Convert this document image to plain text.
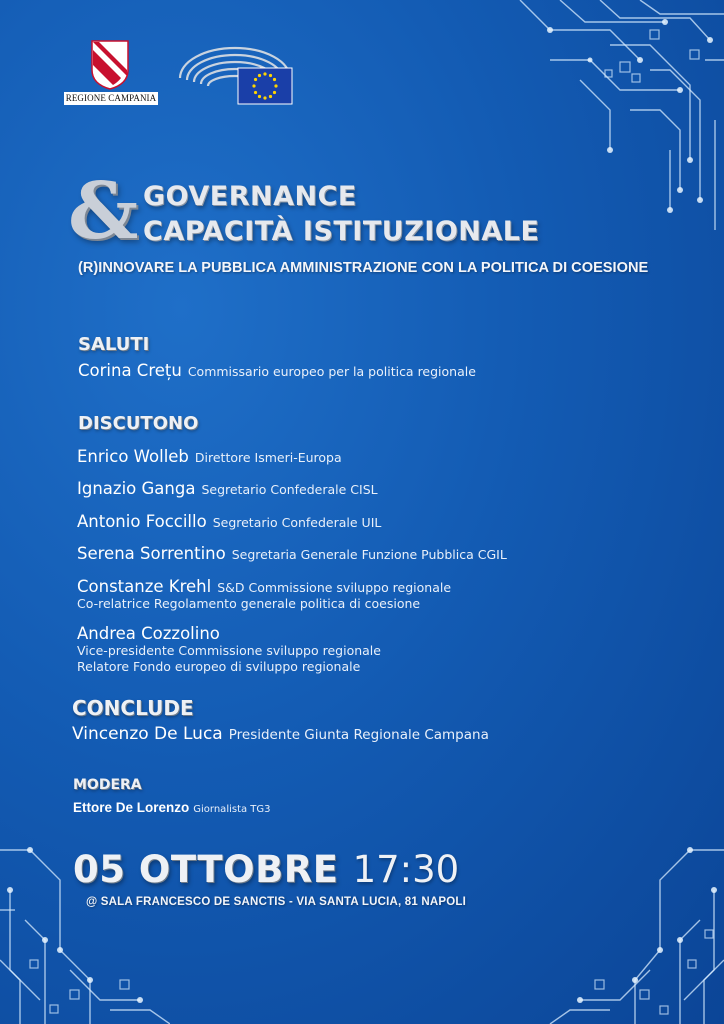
REGIONE CAMPANIA
& GOVERNANCE
CAPACITÀ ISTITUZIONALE
(R)INNOVARE LA PUBBLICA AMMINISTRAZIONE CON LA POLITICA DI COESIONE
SALUTI
Corina Crețu Commissario europeo per la politica regionale
DISCUTONO
Enrico Wolleb Direttore Ismeri-Europa
Ignazio Ganga Segretario Confederale CISL
Antonio Foccillo Segretario Confederale UIL
Serena Sorrentino Segretaria Generale Funzione Pubblica CGIL
Constanze Krehl S&D Commissione sviluppo regionale
Co-relatrice Regolamento generale politica di coesione
Andrea Cozzolino
Vice-presidente Commissione sviluppo regionale
Relatore Fondo europeo di sviluppo regionale
CONCLUDE
Vincenzo De Luca Presidente Giunta Regionale Campana
MODERA
Ettore De Lorenzo Giornalista TG3
05 OTTOBRE 17:30
@ SALA FRANCESCO DE SANCTIS - VIA SANTA LUCIA, 81 NAPOLI
